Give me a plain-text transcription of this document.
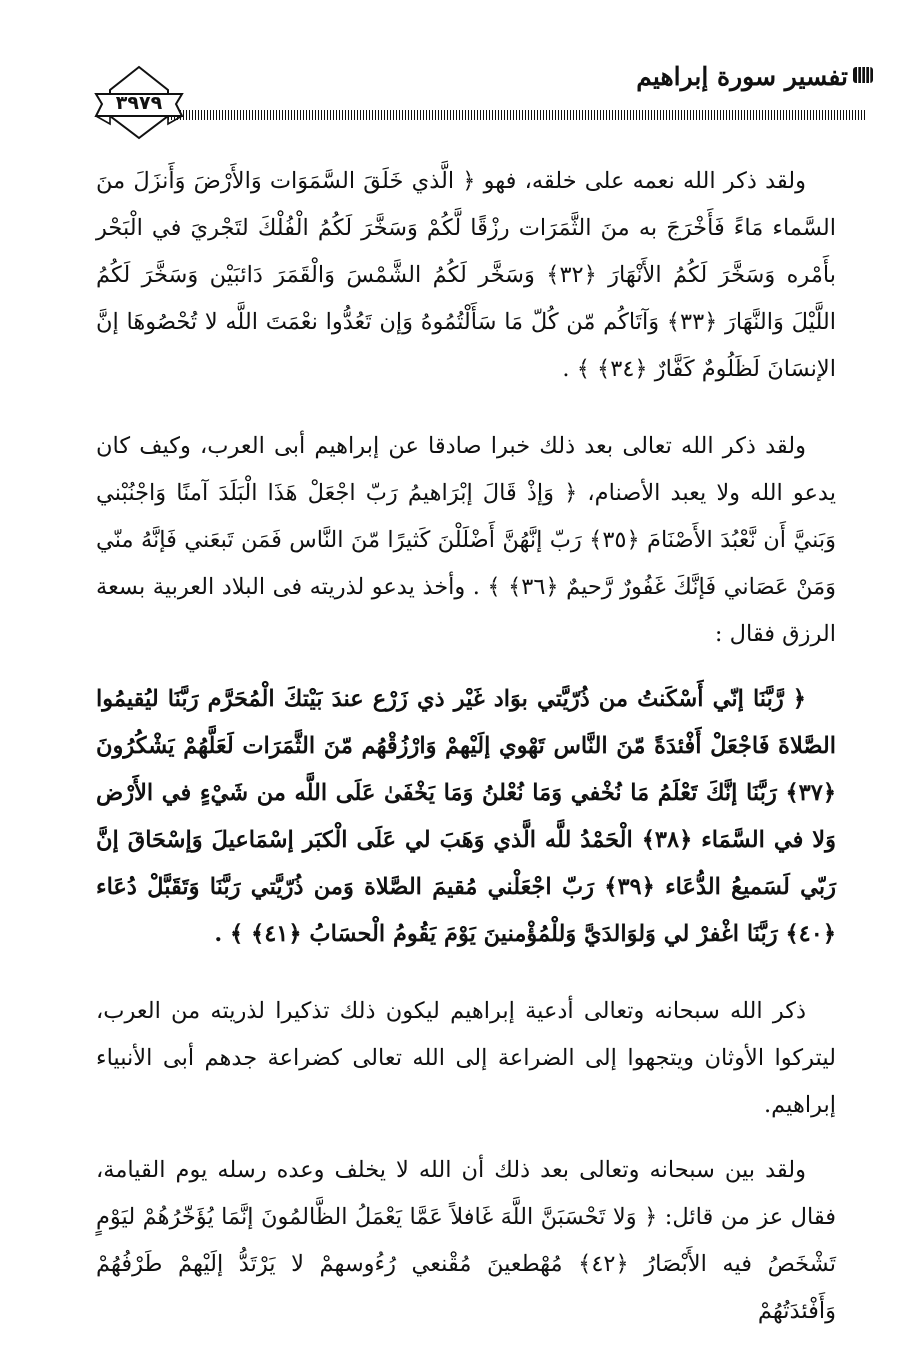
تفسير سورة إبراهيم
٣٩٧٩

ولقد ذكر الله نعمه على خلقه، فهو ﴿ الَّذي خَلَقَ السَّمَوَات وَالأَرْضَ وَأَنزَلَ منَ السَّماء مَاءً فَأَخْرَجَ به منَ الثَّمَرَات رزْقًا لَّكُمْ وَسَخَّرَ لَكُمُ الْفُلْكَ لتَجْريَ في الْبَحْر بأَمْره وَسَخَّرَ لَكُمُ الأَنْهَارَ ﴿٣٢﴾ وَسَخَّر لَكُمُ الشَّمْسَ وَالْقَمَرَ دَائبَيْن وَسَخَّرَ لَكُمُ اللَّيْلَ وَالنَّهَارَ ﴿٣٣﴾ وَآتَاكُم مّن كُلّ مَا سَأَلْتُمُوهُ وَإن تَعُدُّوا نعْمَتَ اللَّه لا تُحْصُوهَا إنَّ الإنسَانَ لَظَلُومٌ كَفَّارٌ ﴿٣٤﴾ ﴾ .

ولقد ذكر الله تعالى بعد ذلك خبرا صادقا عن إبراهيم أبى العرب، وكيف كان يدعو الله ولا يعبد الأصنام، ﴿ وَإذْ قَالَ إبْرَاهيمُ رَبّ اجْعَلْ هَذَا الْبَلَدَ آمنًا وَاجْنُبْني وَبَنيَّ أَن نَّعْبُدَ الأَصْنَامَ ﴿٣٥﴾ رَبّ إنَّهُنَّ أَضْلَلْنَ كَثيرًا مّنَ النَّاس فَمَن تَبعَني فَإنَّهُ منّي وَمَنْ عَصَاني فَإنَّكَ غَفُورٌ رَّحيمٌ ﴿٣٦﴾ ﴾ . وأخذ يدعو لذريته فى البلاد العربية بسعة الرزق فقال :

﴿ رَّبَّنَا إنّي أَسْكَنتُ من ذُرّيَّتي بوَاد غَيْر ذي زَرْع عندَ بَيْتكَ الْمُحَرَّم رَبَّنَا ليُقيمُوا الصَّلاةَ فَاجْعَلْ أَفْئدَةً مّنَ النَّاس تَهْوي إلَيْهمْ وَارْزُقْهُم مّنَ الثَّمَرَات لَعَلَّهُمْ يَشْكُرُونَ ﴿٣٧﴾ رَبَّنَا إنَّكَ تَعْلَمُ مَا نُخْفي وَمَا نُعْلنُ وَمَا يَخْفَىٰ عَلَى اللَّه من شَيْءٍ في الأَرْض وَلا في السَّمَاء ﴿٣٨﴾ الْحَمْدُ للَّه الَّذي وَهَبَ لي عَلَى الْكبَر إسْمَاعيلَ وَإسْحَاقَ إنَّ رَبّي لَسَميعُ الدُّعَاء ﴿٣٩﴾ رَبّ اجْعَلْني مُقيمَ الصَّلاة وَمن ذُرّيَّتي رَبَّنَا وَتَقَبَّلْ دُعَاء ﴿٤٠﴾ رَبَّنَا اغْفرْ لي وَلوَالدَيَّ وَللْمُؤْمنينَ يَوْمَ يَقُومُ الْحسَابُ ﴿٤١﴾ ﴾ .

ذكر الله سبحانه وتعالى أدعية إبراهيم ليكون ذلك تذكيرا لذريته من العرب، ليتركوا الأوثان ويتجهوا إلى الضراعة إلى الله تعالى كضراعة جدهم أبى الأنبياء إبراهيم.

ولقد بين سبحانه وتعالى بعد ذلك أن الله لا يخلف وعده رسله يوم القيامة، فقال عز من قائل: ﴿ وَلا تَحْسَبَنَّ اللَّهَ غَافلاً عَمَّا يَعْمَلُ الظَّالمُونَ إنَّمَا يُؤَخّرُهُمْ ليَوْمٍ تَشْخَصُ فيه الأَبْصَارُ ﴿٤٢﴾ مُهْطعينَ مُقْنعي رُءُوسهمْ لا يَرْتَدُّ إلَيْهمْ طَرْفُهُمْ وَأَفْئدَتُهُمْ
